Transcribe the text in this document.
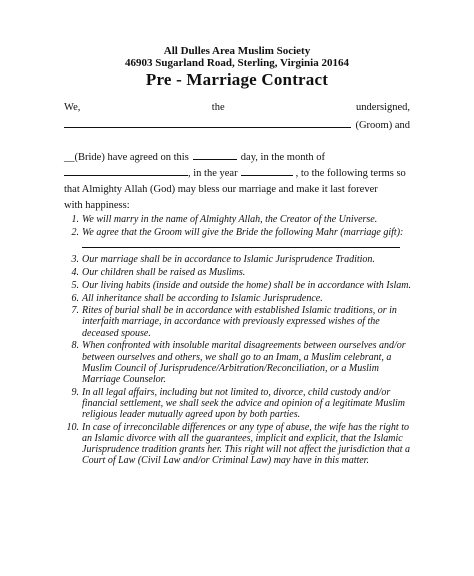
All Dulles Area Muslim Society
46903 Sugarland Road, Sterling, Virginia 20164
Pre - Marriage Contract
We,	the	undersigned,
(Groom) and
__(Bride) have agreed on this	day, in the month of
, in the year	, to the following terms so
that Almighty Allah (God) may bless our marriage and make it last forever
with happiness:
1. We will marry in the name of Almighty Allah, the Creator of the Universe.
2. We agree that the Groom will give the Bride the following Mahr (marriage gift):
3. Our marriage shall be in accordance to Islamic Jurisprudence Tradition.
4. Our children shall be raised as Muslims.
5. Our living habits (inside and outside the home) shall be in accordance with Islam.
6. All inheritance shall be according to Islamic Jurisprudence.
7. Rites of burial shall be in accordance with established Islamic traditions, or in interfaith marriage, in accordance with previously expressed wishes of the deceased spouse.
8. When confronted with insoluble marital disagreements between ourselves and/or between ourselves and others, we shall go to an Imam, a Muslim celebrant, a Muslim Council of Jurisprudence/Arbitration/Reconciliation, or a Muslim Marriage Counselor.
9. In all legal affairs, including but not limited to, divorce, child custody and/or financial settlement, we shall seek the advice and opinion of a legitimate Muslim religious leader mutually agreed upon by both parties.
10. In case of irreconcilable differences or any type of abuse, the wife has the right to an Islamic divorce with all the guarantees, implicit and explicit, that the Islamic Jurisprudence tradition grants her. This right will not affect the jurisdiction that a Court of Law (Civil Law and/or Criminal Law) may have in this matter.
